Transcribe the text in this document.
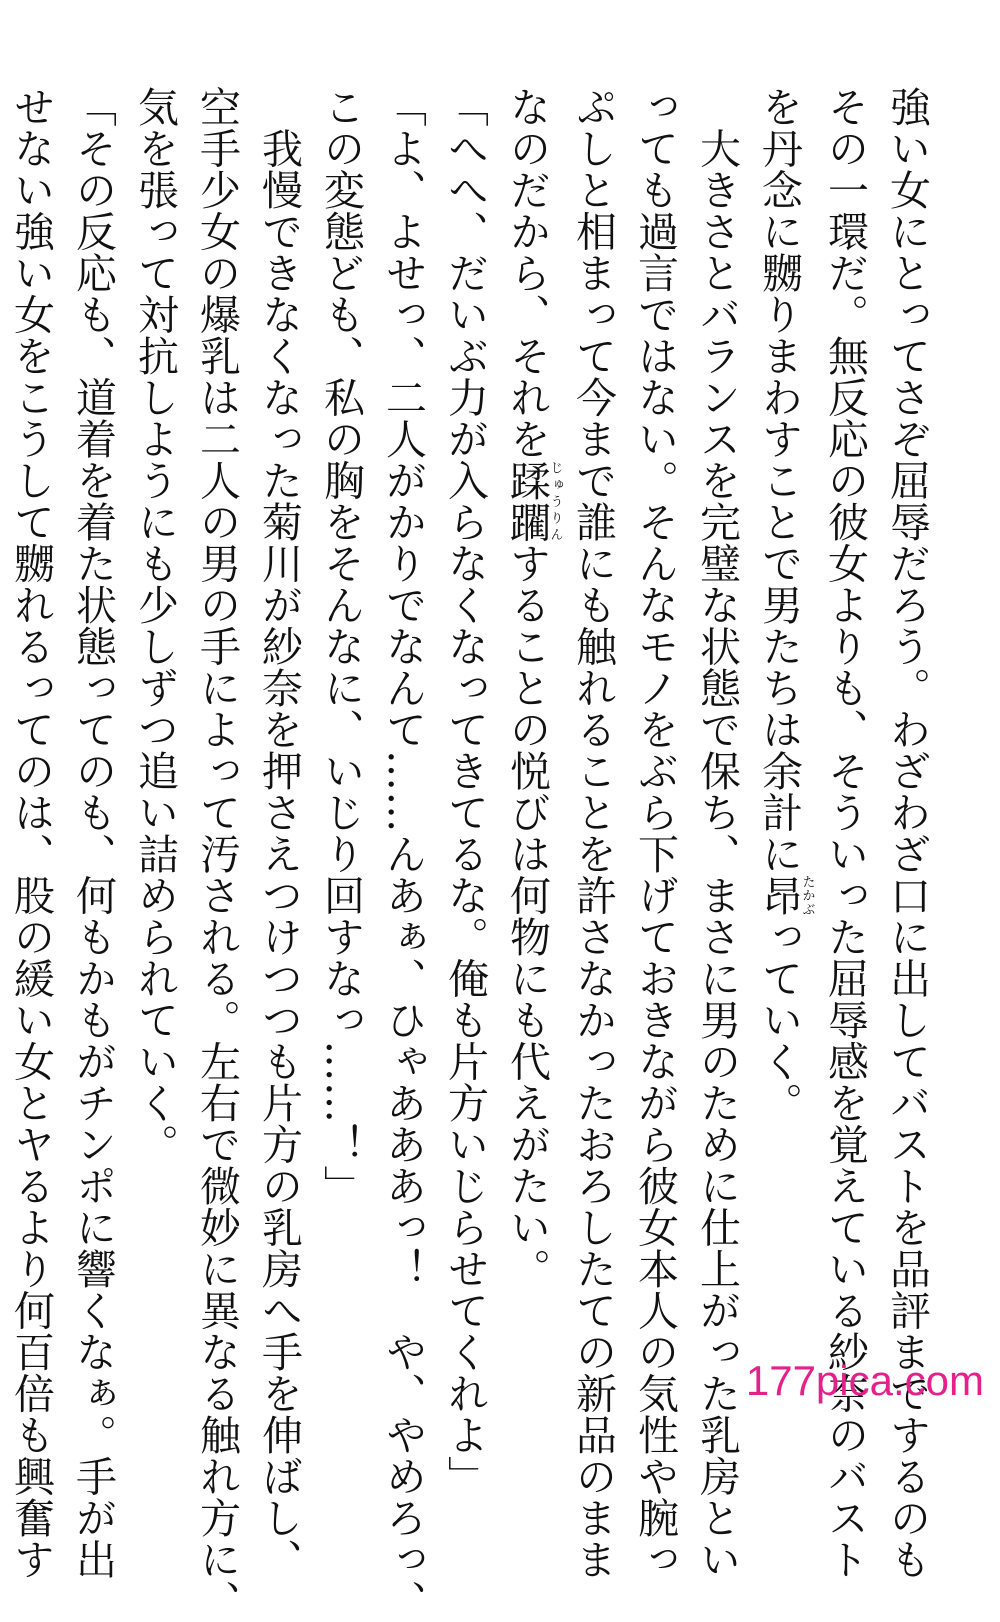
強い女にとってさぞ屈辱だろう。わざわざ口に出してバストを品評までするのも
その一環だ。無反応の彼女よりも、そういった屈辱感を覚えている紗奈のバスト
を丹念に嬲りまわすことで男たちは余計に昂たかぶっていく。
　大きさとバランスを完璧な状態で保ち、まさに男のために仕上がった乳房とい
っても過言ではない。そんなモノをぶら下げておきながら彼女本人の気性や腕っ
ぷしと相まって今まで誰にも触れることを許さなかったおろしたての新品のまま
なのだから、それを蹂躙じゅうりんすることの悦びは何物にも代えがたい。
「へへ、だいぶ力が入らなくなってきてるな。俺も片方いじらせてくれよ」
「よ、よせっ、二人がかりでなんて……んあぁ、ひゃあああっ！　や、やめろっ、
この変態ども、私の胸をそんなに、いじり回すなっ……！」
　我慢できなくなった菊川が紗奈を押さえつけつつも片方の乳房へ手を伸ばし、
空手少女の爆乳は二人の男の手によって汚される。左右で微妙に異なる触れ方に、
気を張って対抗しようにも少しずつ追い詰められていく。
「その反応も、道着を着た状態ってのも、何もかもがチンポに響くなぁ。手が出
せない強い女をこうして嬲れるってのは、股の緩い女とヤるより何百倍も興奮す	177pica.com
